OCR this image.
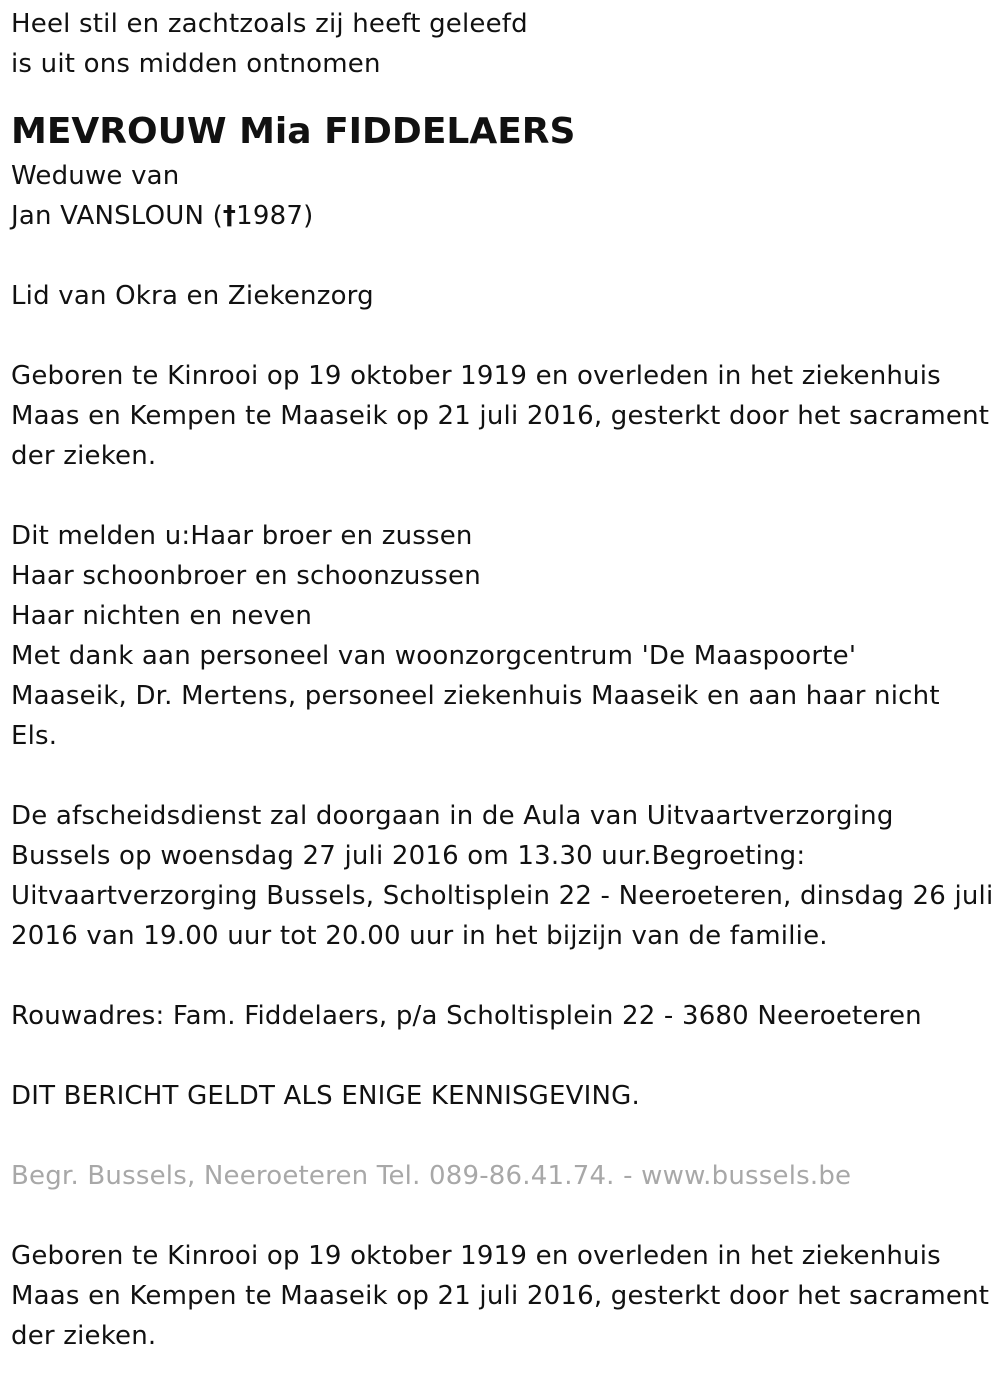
Heel stil en zachtzoals zij heeft geleefd
is uit ons midden ontnomen
MEVROUW Mia FIDDELAERS
Weduwe van
Jan VANSLOUN (†1987)
Lid van Okra en Ziekenzorg
Geboren te Kinrooi op 19 oktober 1919 en overleden in het ziekenhuis
Maas en Kempen te Maaseik op 21 juli 2016, gesterkt door het sacrament
der zieken.
Dit melden u:Haar broer en zussen
Haar schoonbroer en schoonzussen
Haar nichten en neven
Met dank aan personeel van woonzorgcentrum 'De Maaspoorte'
Maaseik, Dr. Mertens, personeel ziekenhuis Maaseik en aan haar nicht
Els.
De afscheidsdienst zal doorgaan in de Aula van Uitvaartverzorging
Bussels op woensdag 27 juli 2016 om 13.30 uur.Begroeting:
Uitvaartverzorging Bussels, Scholtisplein 22 - Neeroeteren, dinsdag 26 juli
2016 van 19.00 uur tot 20.00 uur in het bijzijn van de familie.
Rouwadres: Fam. Fiddelaers, p/a Scholtisplein 22 - 3680 Neeroeteren
DIT BERICHT GELDT ALS ENIGE KENNISGEVING.
Begr. Bussels, Neeroeteren Tel. 089-86.41.74. - www.bussels.be
Geboren te Kinrooi op 19 oktober 1919 en overleden in het ziekenhuis
Maas en Kempen te Maaseik op 21 juli 2016, gesterkt door het sacrament
der zieken.
